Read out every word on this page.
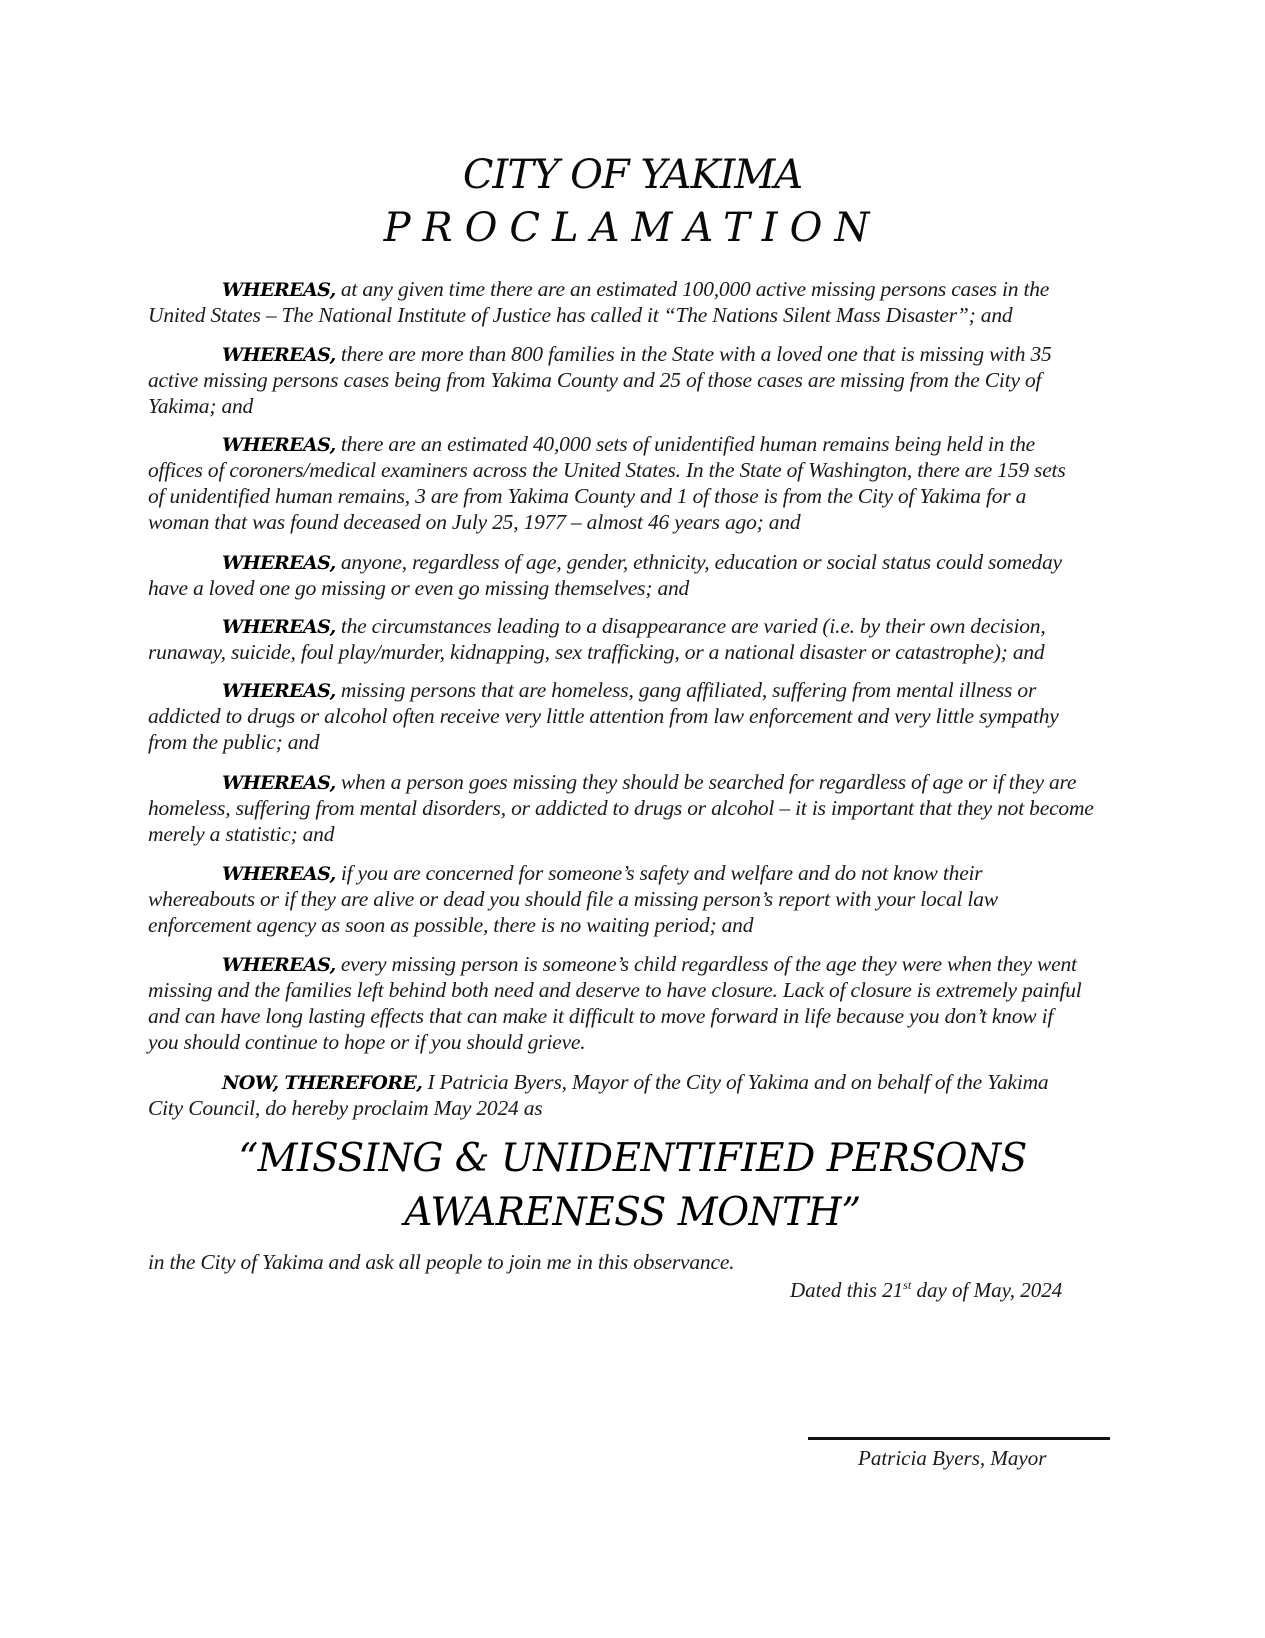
CITY OF YAKIMA
PROCLAMATION
WHEREAS, at any given time there are an estimated 100,000 active missing persons cases in the
United States – The National Institute of Justice has called it “The Nations Silent Mass Disaster”; and
WHEREAS, there are more than 800 families in the State with a loved one that is missing with 35
active missing persons cases being from Yakima County and 25 of those cases are missing from the City of
Yakima; and
WHEREAS, there are an estimated 40,000 sets of unidentified human remains being held in the
offices of coroners/medical examiners across the United States. In the State of Washington, there are 159 sets
of unidentified human remains, 3 are from Yakima County and 1 of those is from the City of Yakima for a
woman that was found deceased on July 25, 1977 – almost 46 years ago; and
WHEREAS, anyone, regardless of age, gender, ethnicity, education or social status could someday
have a loved one go missing or even go missing themselves; and
WHEREAS, the circumstances leading to a disappearance are varied (i.e. by their own decision,
runaway, suicide, foul play/murder, kidnapping, sex trafficking, or a national disaster or catastrophe); and
WHEREAS, missing persons that are homeless, gang affiliated, suffering from mental illness or
addicted to drugs or alcohol often receive very little attention from law enforcement and very little sympathy
from the public; and
WHEREAS, when a person goes missing they should be searched for regardless of age or if they are
homeless, suffering from mental disorders, or addicted to drugs or alcohol – it is important that they not become
merely a statistic; and
WHEREAS, if you are concerned for someone’s safety and welfare and do not know their
whereabouts or if they are alive or dead you should file a missing person’s report with your local law
enforcement agency as soon as possible, there is no waiting period; and
WHEREAS, every missing person is someone’s child regardless of the age they were when they went
missing and the families left behind both need and deserve to have closure. Lack of closure is extremely painful
and can have long lasting effects that can make it difficult to move forward in life because you don’t know if
you should continue to hope or if you should grieve.
NOW, THEREFORE, I Patricia Byers, Mayor of the City of Yakima and on behalf of the Yakima
City Council, do hereby proclaim May 2024 as
“MISSING & UNIDENTIFIED PERSONS
AWARENESS MONTH”
in the City of Yakima and ask all people to join me in this observance.
Dated this 21st day of May, 2024
Patricia Byers, Mayor
